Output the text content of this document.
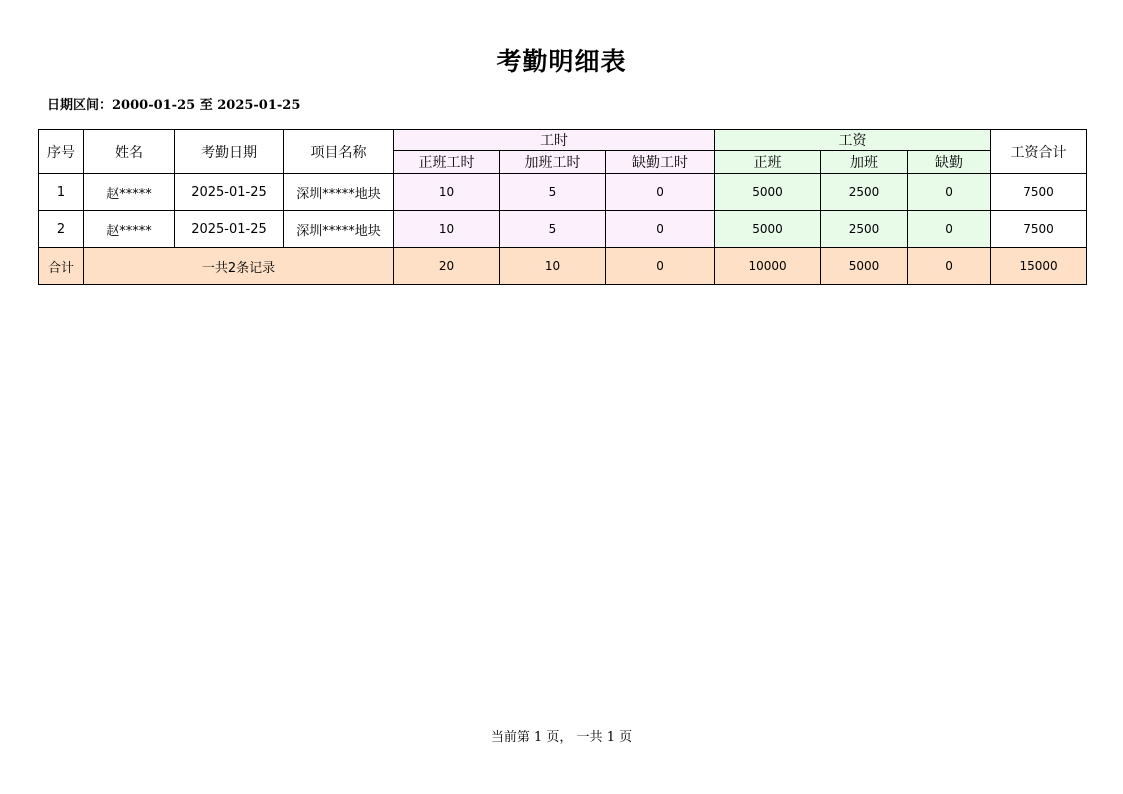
考勤明细表
日期区间：2000-01-25 至 2025-01-25
序号	姓名	考勤日期	项目名称	工时			工资			工资合计
				正班工时	加班工时	缺勤工时	正班	加班	缺勤	
1	赵*****	2025-01-25	深圳*****地块	10	5	0	5000	2500	0	7500
2	赵*****	2025-01-25	深圳*****地块	10	5	0	5000	2500	0	7500
合计	一共2条记录			20	10	0	10000	5000	0	15000
当前第 1 页， 一共 1 页
